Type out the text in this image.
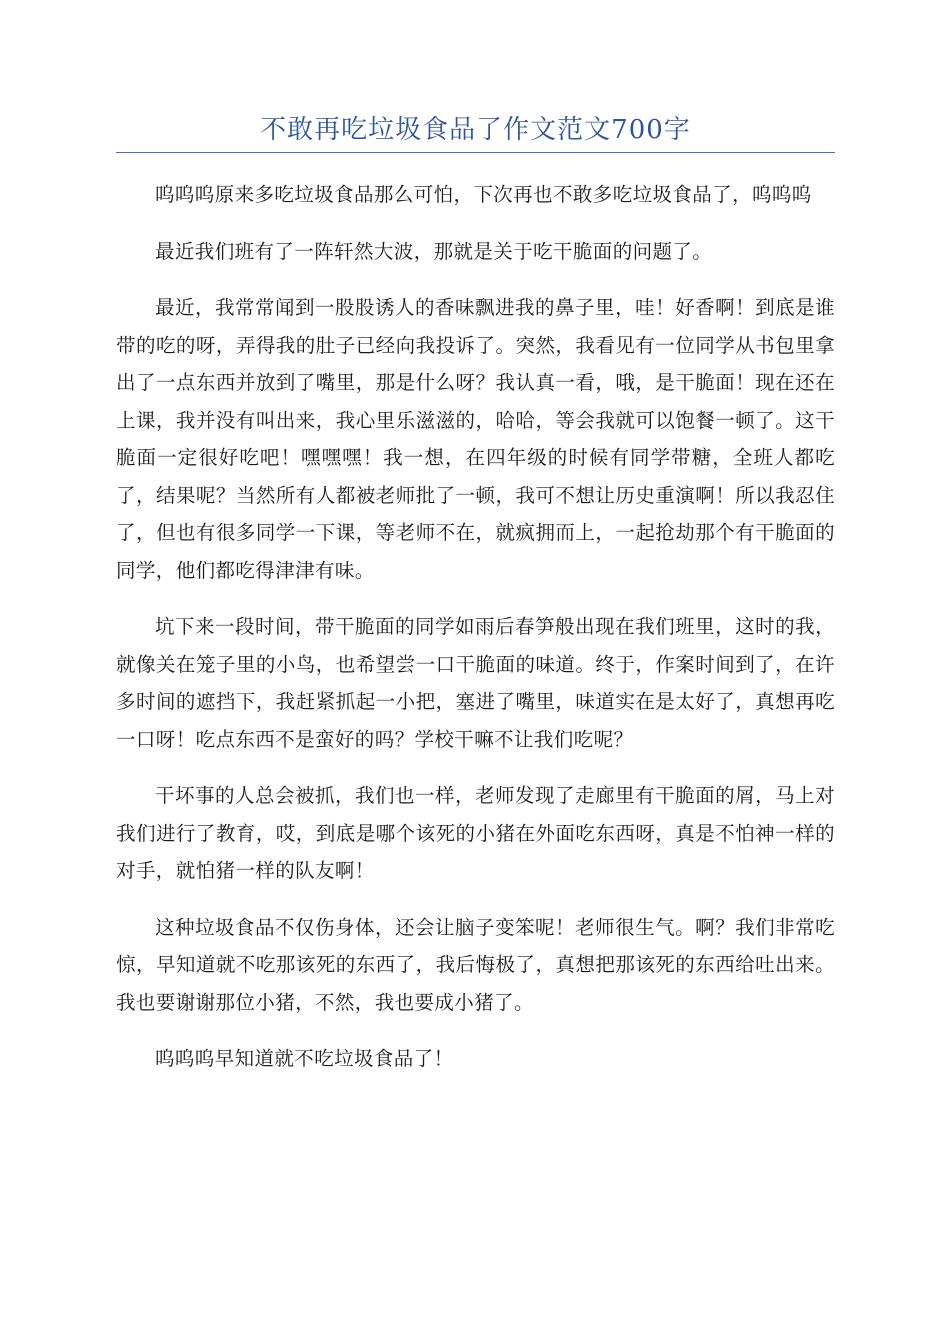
不敢再吃垃圾食品了作文范文700字

呜呜呜原来多吃垃圾食品那么可怕，下次再也不敢多吃垃圾食品了，呜呜呜

最近我们班有了一阵轩然大波，那就是关于吃干脆面的问题了。

最近，我常常闻到一股股诱人的香味飘进我的鼻子里，哇！好香啊！到底是谁带的吃的呀，弄得我的肚子已经向我投诉了。突然，我看见有一位同学从书包里拿出了一点东西并放到了嘴里，那是什么呀？我认真一看，哦，是干脆面！现在还在上课，我并没有叫出来，我心里乐滋滋的，哈哈，等会我就可以饱餐一顿了。这干脆面一定很好吃吧！嘿嘿嘿！我一想，在四年级的时候有同学带糖，全班人都吃了，结果呢？当然所有人都被老师批了一顿，我可不想让历史重演啊！所以我忍住了，但也有很多同学一下课，等老师不在，就疯拥而上，一起抢劫那个有干脆面的同学，他们都吃得津津有味。

坑下来一段时间，带干脆面的同学如雨后春笋般出现在我们班里，这时的我，就像关在笼子里的小鸟，也希望尝一口干脆面的味道。终于，作案时间到了，在许多时间的遮挡下，我赶紧抓起一小把，塞进了嘴里，味道实在是太好了，真想再吃一口呀！吃点东西不是蛮好的吗？学校干嘛不让我们吃呢？

干坏事的人总会被抓，我们也一样，老师发现了走廊里有干脆面的屑，马上对我们进行了教育，哎，到底是哪个该死的小猪在外面吃东西呀，真是不怕神一样的对手，就怕猪一样的队友啊！

这种垃圾食品不仅伤身体，还会让脑子变笨呢！老师很生气。啊？我们非常吃惊，早知道就不吃那该死的东西了，我后悔极了，真想把那该死的东西给吐出来。我也要谢谢那位小猪，不然，我也要成小猪了。

呜呜呜早知道就不吃垃圾食品了！
